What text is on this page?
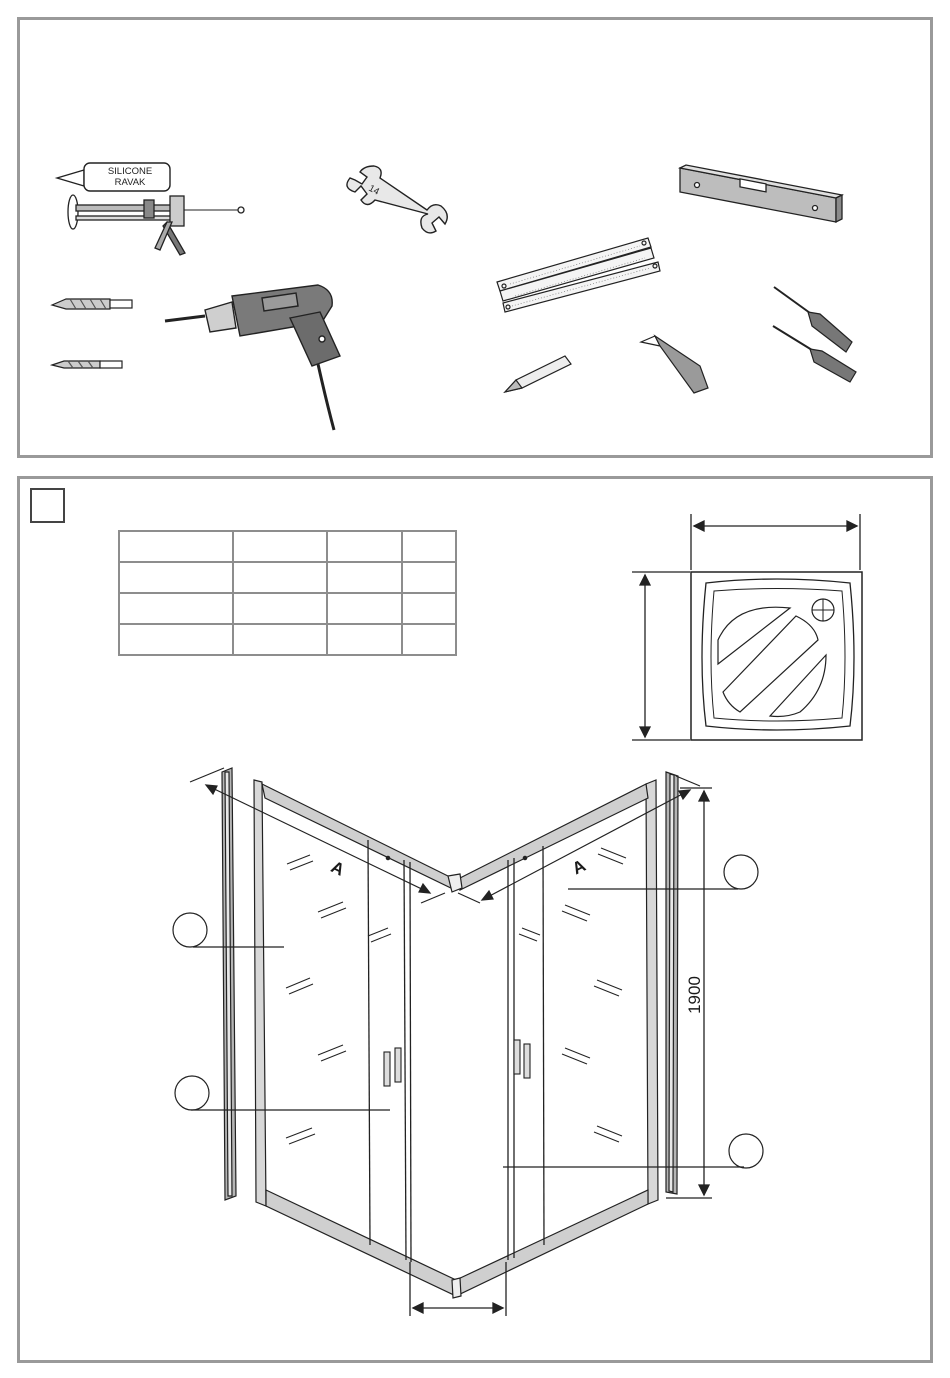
SILICONE
RAVAK
14

A	A
1900
